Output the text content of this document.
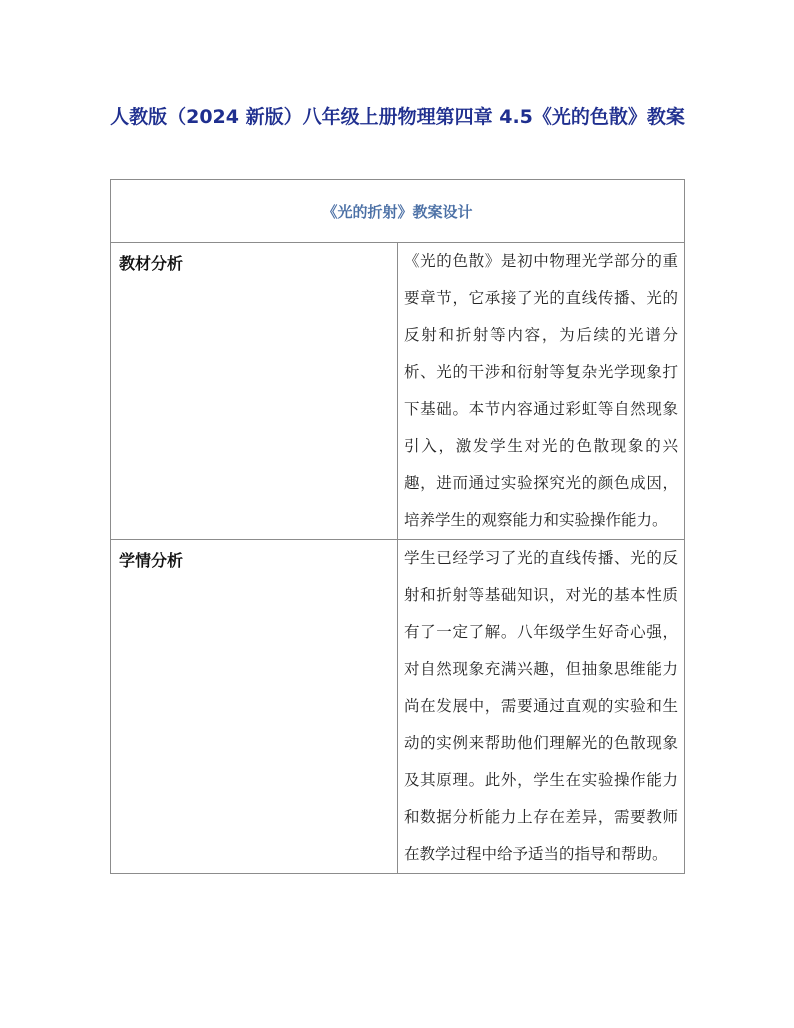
人教版（2024 新版）八年级上册物理第四章 4.5《光的色散》教案
《光的折射》教案设计	
教材分析	《光的色散》是初中物理光学部分的重要章节，它承接了光的直线传播、光的反射和折射等内容，为后续的光谱分析、光的干涉和衍射等复杂光学现象打下基础。本节内容通过彩虹等自然现象引入，激发学生对光的色散现象的兴趣，进而通过实验探究光的颜色成因，培养学生的观察能力和实验操作能力。
学情分析	学生已经学习了光的直线传播、光的反射和折射等基础知识，对光的基本性质有了一定了解。八年级学生好奇心强，对自然现象充满兴趣，但抽象思维能力尚在发展中，需要通过直观的实验和生动的实例来帮助他们理解光的色散现象及其原理。此外，学生在实验操作能力和数据分析能力上存在差异，需要教师在教学过程中给予适当的指导和帮助。
